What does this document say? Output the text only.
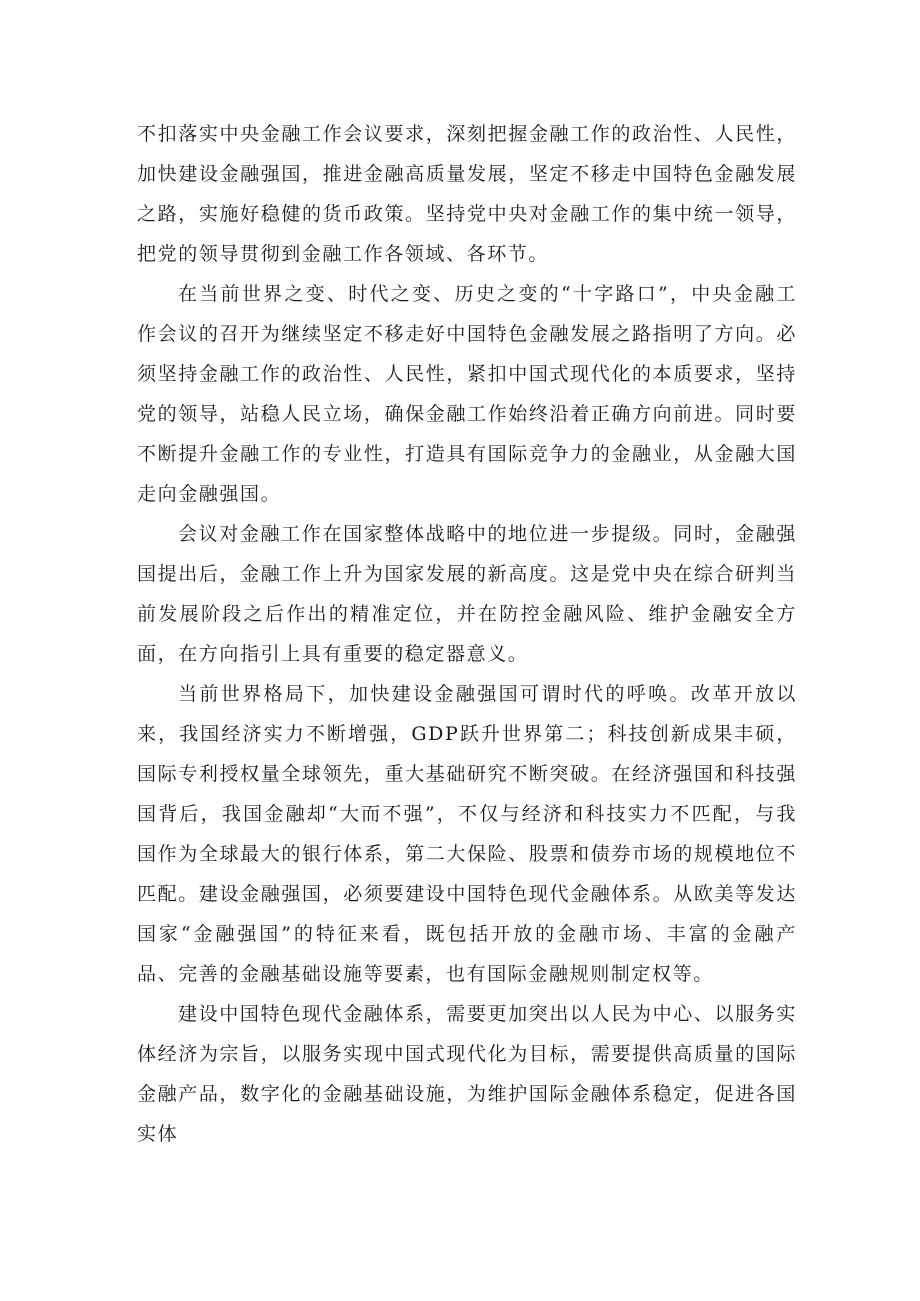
不扣落实中央金融工作会议要求，深刻把握金融工作的政治性、人民性，加快建设金融强国，推进金融高质量发展，坚定不移走中国特色金融发展之路，实施好稳健的货币政策。坚持党中央对金融工作的集中统一领导，把党的领导贯彻到金融工作各领域、各环节。

在当前世界之变、时代之变、历史之变的“十字路口”，中央金融工作会议的召开为继续坚定不移走好中国特色金融发展之路指明了方向。必须坚持金融工作的政治性、人民性，紧扣中国式现代化的本质要求，坚持党的领导，站稳人民立场，确保金融工作始终沿着正确方向前进。同时要不断提升金融工作的专业性，打造具有国际竞争力的金融业，从金融大国走向金融强国。

会议对金融工作在国家整体战略中的地位进一步提级。同时，金融强国提出后，金融工作上升为国家发展的新高度。这是党中央在综合研判当前发展阶段之后作出的精准定位，并在防控金融风险、维护金融安全方面，在方向指引上具有重要的稳定器意义。

当前世界格局下，加快建设金融强国可谓时代的呼唤。改革开放以来，我国经济实力不断增强，GDP跃升世界第二；科技创新成果丰硕，国际专利授权量全球领先，重大基础研究不断突破。在经济强国和科技强国背后，我国金融却“大而不强”，不仅与经济和科技实力不匹配，与我国作为全球最大的银行体系，第二大保险、股票和债券市场的规模地位不匹配。建设金融强国，必须要建设中国特色现代金融体系。从欧美等发达国家“金融强国”的特征来看，既包括开放的金融市场、丰富的金融产品、完善的金融基础设施等要素，也有国际金融规则制定权等。

建设中国特色现代金融体系，需要更加突出以人民为中心、以服务实体经济为宗旨，以服务实现中国式现代化为目标，需要提供高质量的国际金融产品，数字化的金融基础设施，为维护国际金融体系稳定，促进各国实体
